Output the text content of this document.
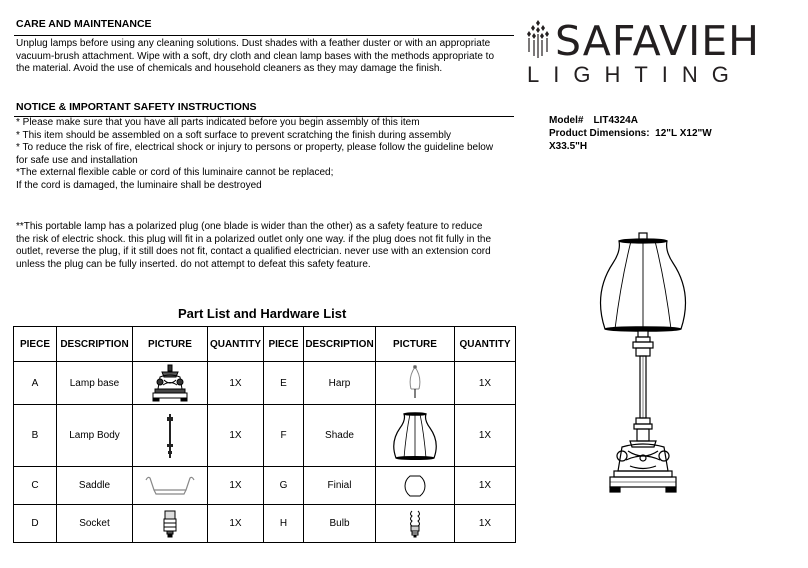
CARE AND MAINTENANCE
Unplug lamps before using any cleaning solutions. Dust shades with a feather duster or with an appropriate
vacuum-brush attachment. Wipe with a soft, dry cloth and clean lamp bases with the methods appropriate to
the material. Avoid the use of chemicals and household cleaners as they may damage the finish.
NOTICE & IMPORTANT SAFETY INSTRUCTIONS
* Please make sure that you have all parts indicated before you begin assembly of this item
* This item should be assembled on a soft surface to prevent scratching the finish during assembly
* To reduce the risk of fire, electrical shock or injury to persons or property, please follow the guideline below
for safe use and installation
*The external flexible cable or cord of this luminaire cannot be replaced;
If the cord is damaged, the luminaire shall be destroyed
**This portable lamp has a polarized plug (one blade is wider than the other) as a safety feature to reduce
the risk of electric shock. this plug will fit in a polarized outlet only one way. if the plug does not fit fully in the
outlet, reverse the plug, if it still does not fit, contact a qualified electrician. never use with an extension cord
unless the plug can be fully inserted. do not attempt to defeat this safety feature.
SAFAVIEH
LIGHTING
Model# LIT4324A
Product Dimensions: 12"L X12"W
X33.5"H
Part List and Hardware List
PIECE	DESCRIPTION	PICTURE	QUANTITY	PIECE	DESCRIPTION	PICTURE	QUANTITY
A	Lamp base		1X	E	Harp		1X
B	Lamp Body		1X	F	Shade		1X
C	Saddle		1X	G	Finial		1X
D	Socket		1X	H	Bulb		1X
